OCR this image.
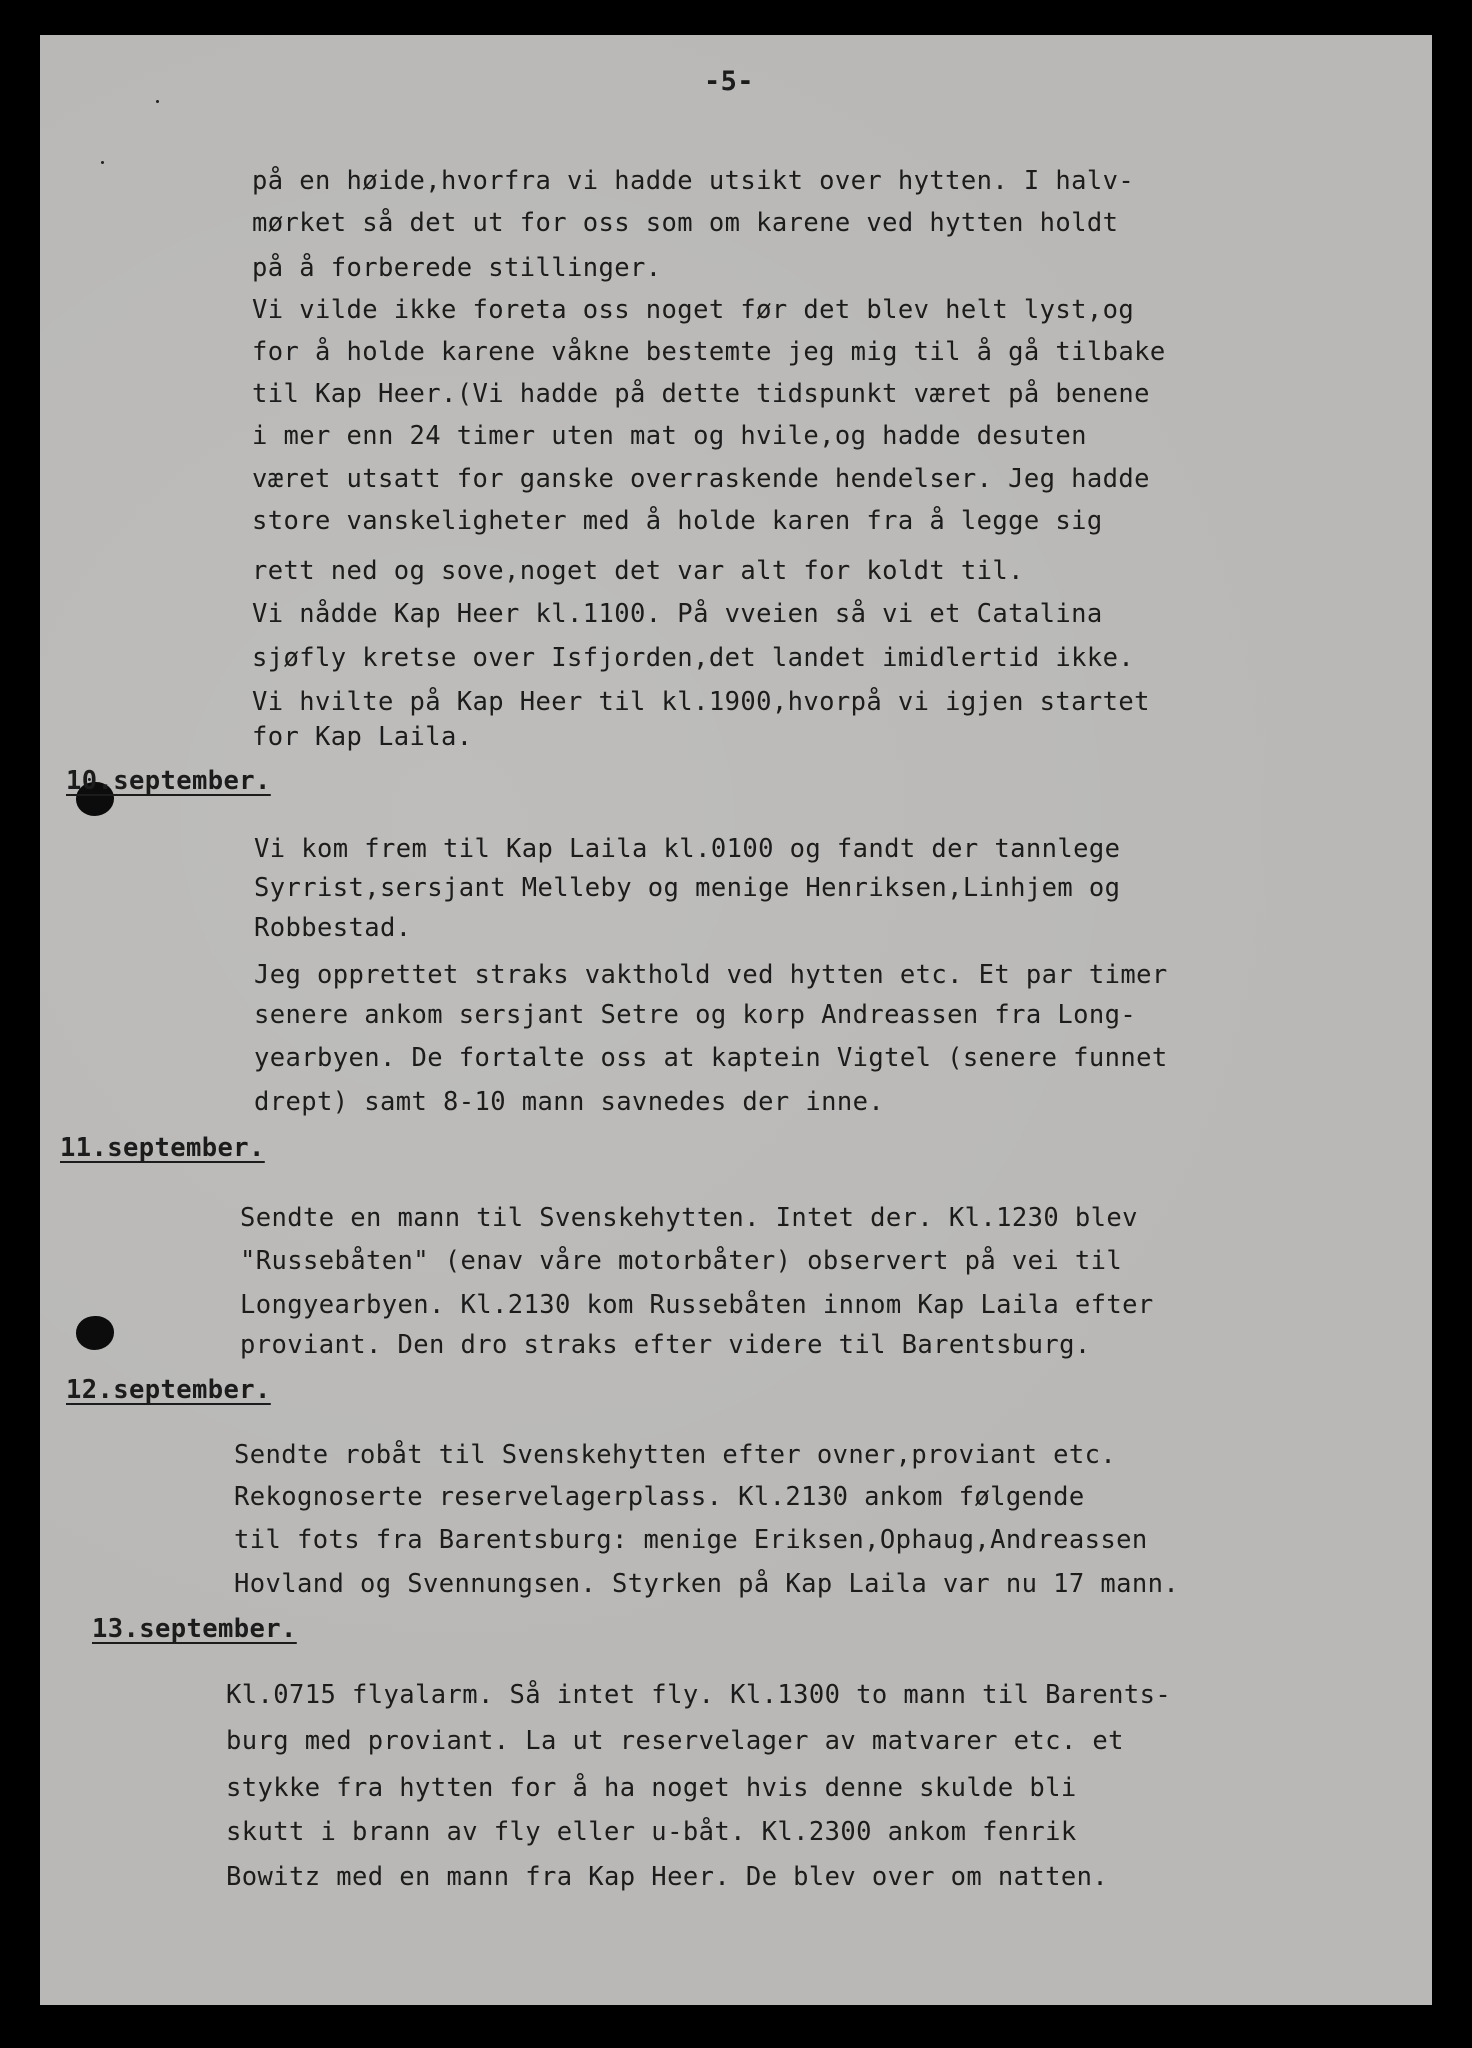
-5-
på en høide,hvorfra vi hadde utsikt over hytten. I halv-
mørket så det ut for oss som om karene ved hytten holdt
på å forberede stillinger.
Vi vilde ikke foreta oss noget før det blev helt lyst,og
for å holde karene våkne bestemte jeg mig til å gå tilbake
til Kap Heer.(Vi hadde på dette tidspunkt været på benene
i mer enn 24 timer uten mat og hvile,og hadde desuten
været utsatt for ganske overraskende hendelser. Jeg hadde
store vanskeligheter med å holde karen fra å legge sig
rett ned og sove,noget det var alt for koldt til.
Vi nådde Kap Heer kl.1100. På vveien så vi et Catalina
sjøfly kretse over Isfjorden,det landet imidlertid ikke.
Vi hvilte på Kap Heer til kl.1900,hvorpå vi igjen startet
for Kap Laila.
10.september.
Vi kom frem til Kap Laila kl.0100 og fandt der tannlege
Syrrist,sersjant Melleby og menige Henriksen,Linhjem og
Robbestad.
Jeg opprettet straks vakthold ved hytten etc. Et par timer
senere ankom sersjant Setre og korp Andreassen fra Long-
yearbyen. De fortalte oss at kaptein Vigtel (senere funnet
drept) samt 8-10 mann savnedes der inne.
11.september.
Sendte en mann til Svenskehytten. Intet der. Kl.1230 blev
"Russebåten" (enav våre motorbåter) observert på vei til
Longyearbyen. Kl.2130 kom Russebåten innom Kap Laila efter
proviant. Den dro straks efter videre til Barentsburg.
12.september.
Sendte robåt til Svenskehytten efter ovner,proviant etc.
Rekognoserte reservelagerplass. Kl.2130 ankom følgende
til fots fra Barentsburg: menige Eriksen,Ophaug,Andreassen
Hovland og Svennungsen. Styrken på Kap Laila var nu 17 mann.
13.september.
Kl.0715 flyalarm. Så intet fly. Kl.1300 to mann til Barents-
burg med proviant. La ut reservelager av matvarer etc. et
stykke fra hytten for å ha noget hvis denne skulde bli
skutt i brann av fly eller u-båt. Kl.2300 ankom fenrik
Bowitz med en mann fra Kap Heer. De blev over om natten.
